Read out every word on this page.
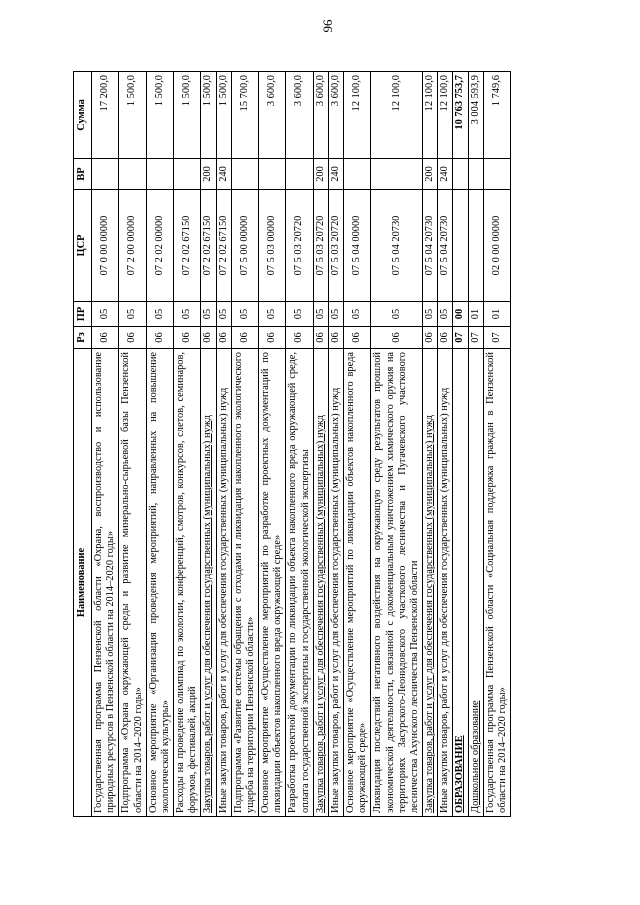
96
Наименование	Рз	ПР	ЦСР	ВР	Сумма
Государственная программа Пензенской области «Охрана, воспроизводство и использование природных ресурсов в Пензенской области на 2014–2020 годы»	06	05	07 0 00 00000		17 200,0
Подпрограмма «Охрана окружающей среды и развитие минерально-сырьевой базы Пензенской области на 2014–2020 годы»	06	05	07 2 00 00000		1 500,0
Основное мероприятие «Организация проведения мероприятий, направленных на повышение экологической культуры»	06	05	07 2 02 00000		1 500,0
Расходы на проведение олимпиад по экологии, конференций, смотров, конкурсов, слетов, семинаров, форумов, фестивалей, акций	06	05	07 2 02 67150		1 500,0
Закупка товаров, работ и услуг для обеспечения государственных (муниципальных) нужд	06	05	07 2 02 67150	200	1 500,0
Иные закупки товаров, работ и услуг для обеспечения государственных (муниципальных) нужд	06	05	07 2 02 67150	240	1 500,0
Подпрограмма «Развитие системы обращения с отходами и ликвидация накопленного экологического ущерба на территории Пензенской области»	06	05	07 5 00 00000		15 700,0
Основное мероприятие «Осуществление мероприятий по разработке проектных документаций по ликвидации объектов накопленного вреда окружающей среде»	06	05	07 5 03 00000		3 600,0
Разработка проектной документации по ликвидации объекта накопленного вреда окружающей среде, оплата государственной экспертизы и государственной экологической экспертизы	06	05	07 5 03 20720		3 600,0
Закупка товаров, работ и услуг для обеспечения государственных (муниципальных) нужд	06	05	07 5 03 20720	200	3 600,0
Иные закупки товаров, работ и услуг для обеспечения государственных (муниципальных) нужд	06	05	07 5 03 20720	240	3 600,0
Основное мероприятие «Осуществление мероприятий по ликвидации объектов накопленного вреда окружающей среде»	06	05	07 5 04 00000		12 100,0
Ликвидация последствий негативного воздействия на окружающую среду результатов прошлой экономической деятельности, связанной с докоменциальным уничтожением химического оружия на территориях Засурского-Леонидовского участкового лесничества и Пугачевского участкового лесничества Ахунского лесничества Пензенской области	06	05	07 5 04 20730		12 100,0
Закупка товаров, работ и услуг для обеспечения государственных (муниципальных) нужд	06	05	07 5 04 20730	200	12 100,0
Иные закупки товаров, работ и услуг для обеспечения государственных (муниципальных) нужд	06	05	07 5 04 20730	240	12 100,0
ОБРАЗОВАНИЕ	07	00			10 763 753,7
Дошкольное образование	07	01			3 004 593,9
Государственная программа Пензенской области «Социальная поддержка граждан в Пензенской области на 2014–2020 годы»	07	01	02 0 00 00000		1 749,6
